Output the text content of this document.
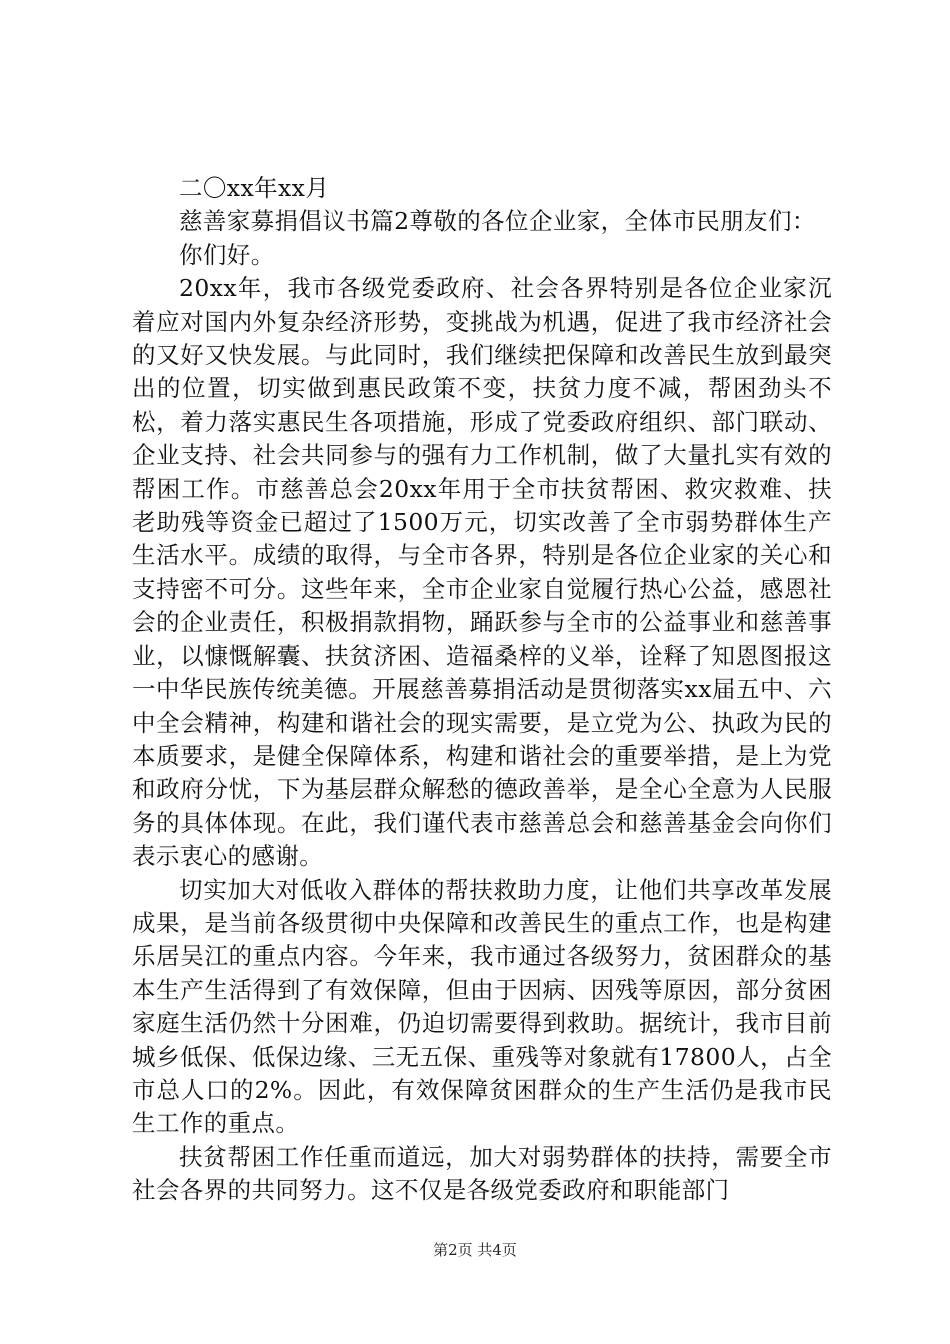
二〇xx年xx月

慈善家募捐倡议书篇2尊敬的各位企业家，全体市民朋友们：

你们好。

20xx年，我市各级党委政府、社会各界特别是各位企业家沉着应对国内外复杂经济形势，变挑战为机遇，促进了我市经济社会的又好又快发展。与此同时，我们继续把保障和改善民生放到最突出的位置，切实做到惠民政策不变，扶贫力度不减，帮困劲头不松，着力落实惠民生各项措施，形成了党委政府组织、部门联动、企业支持、社会共同参与的强有力工作机制，做了大量扎实有效的帮困工作。市慈善总会20xx年用于全市扶贫帮困、救灾救难、扶老助残等资金已超过了1500万元，切实改善了全市弱势群体生产生活水平。成绩的取得，与全市各界，特别是各位企业家的关心和支持密不可分。这些年来，全市企业家自觉履行热心公益，感恩社会的企业责任，积极捐款捐物，踊跃参与全市的公益事业和慈善事业，以慷慨解囊、扶贫济困、造福桑梓的义举，诠释了知恩图报这一中华民族传统美德。开展慈善募捐活动是贯彻落实xx届五中、六中全会精神，构建和谐社会的现实需要，是立党为公、执政为民的本质要求，是健全保障体系，构建和谐社会的重要举措，是上为党和政府分忧，下为基层群众解愁的德政善举，是全心全意为人民服务的具体体现。在此，我们谨代表市慈善总会和慈善基金会向你们表示衷心的感谢。

切实加大对低收入群体的帮扶救助力度，让他们共享改革发展成果，是当前各级贯彻中央保障和改善民生的重点工作，也是构建乐居吴江的重点内容。今年来，我市通过各级努力，贫困群众的基本生产生活得到了有效保障，但由于因病、因残等原因，部分贫困家庭生活仍然十分困难，仍迫切需要得到救助。据统计，我市目前城乡低保、低保边缘、三无五保、重残等对象就有17800人，占全市总人口的2%。因此，有效保障贫困群众的生产生活仍是我市民生工作的重点。

扶贫帮困工作任重而道远，加大对弱势群体的扶持，需要全市社会各界的共同努力。这不仅是各级党委政府和职能部门

第2页 共4页
